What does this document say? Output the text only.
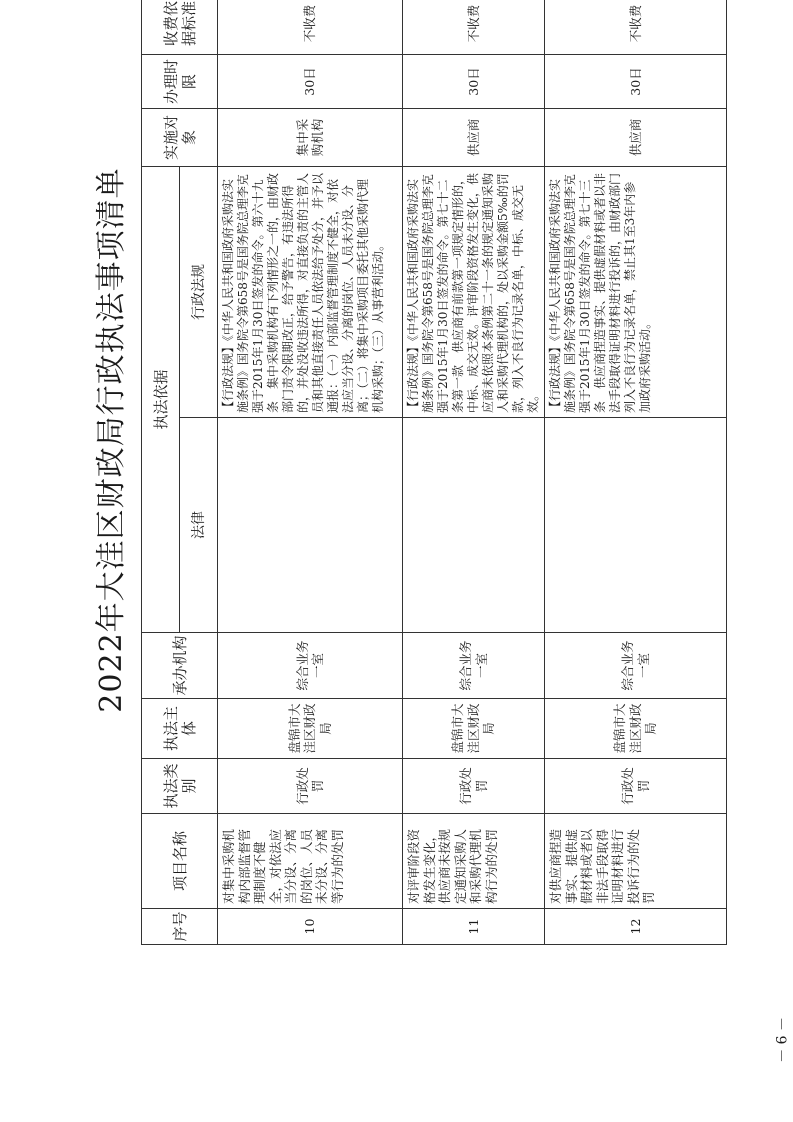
2022年大洼区财政局行政执法事项清单
序号	项目名称	执法类别	执法主体	承办机构	执法依据		实施对象	办理时限	收费依据标准	
					法律	行政法规				
10	对集中采购机构内部监督管理制度不健全，对依法应当分设、分离的岗位、人员未分设、分离等行为的处罚	行政处罚	盘锦市大洼区财政局	综合业务一室		【行政法规】《中华人民共和国政府采购法实施条例》国务院令第658号是国务院总理李克强于2015年1月30日签发的命令。第六十九条　集中采购机构有下列情形之一的，由财政部门责令限期改正，给予警告，有违法所得的，并处没收违法所得，对直接负责的主管人员和其他直接责任人员依法给予处分，并予以通报：（一）内部监督管理制度不健全，对依法应当分设、分离的岗位、人员未分设、分离；（二）将集中采购项目委托其他采购代理机构采购；（三）从事营利活动。	集中采购机构	30日	不收费	
11	对评审阶段资格发生变化，供应商未按规定通知采购人和采购代理机构行为的处罚	行政处罚	盘锦市大洼区财政局	综合业务一室		【行政法规】《中华人民共和国政府采购法实施条例》国务院令第658号是国务院总理李克强于2015年1月30日签发的命令。第七十二条第一款　供应商有前款第一项规定情形的，中标、成交无效。评审阶段资格发生变化，供应商未依照本条例第二十一条的规定通知采购人和采购代理机构的，处以采购金额5‰的罚款，列入不良行为记录名单，中标、成交无效。	供应商	30日	不收费	
12	对供应商捏造事实、提供虚假材料或者以非法手段取得证明材料进行投诉行为的处罚	行政处罚	盘锦市大洼区财政局	综合业务一室		【行政法规】《中华人民共和国政府采购法实施条例》国务院令第658号是国务院总理李克强于2015年1月30日签发的命令。第七十三条　供应商捏造事实、提供虚假材料或者以非法手段取得证明材料进行投诉的，由财政部门列入不良行为记录名单，禁止其1至3年内参加政府采购活动。	供应商	30日	不收费	
－ 9 －
